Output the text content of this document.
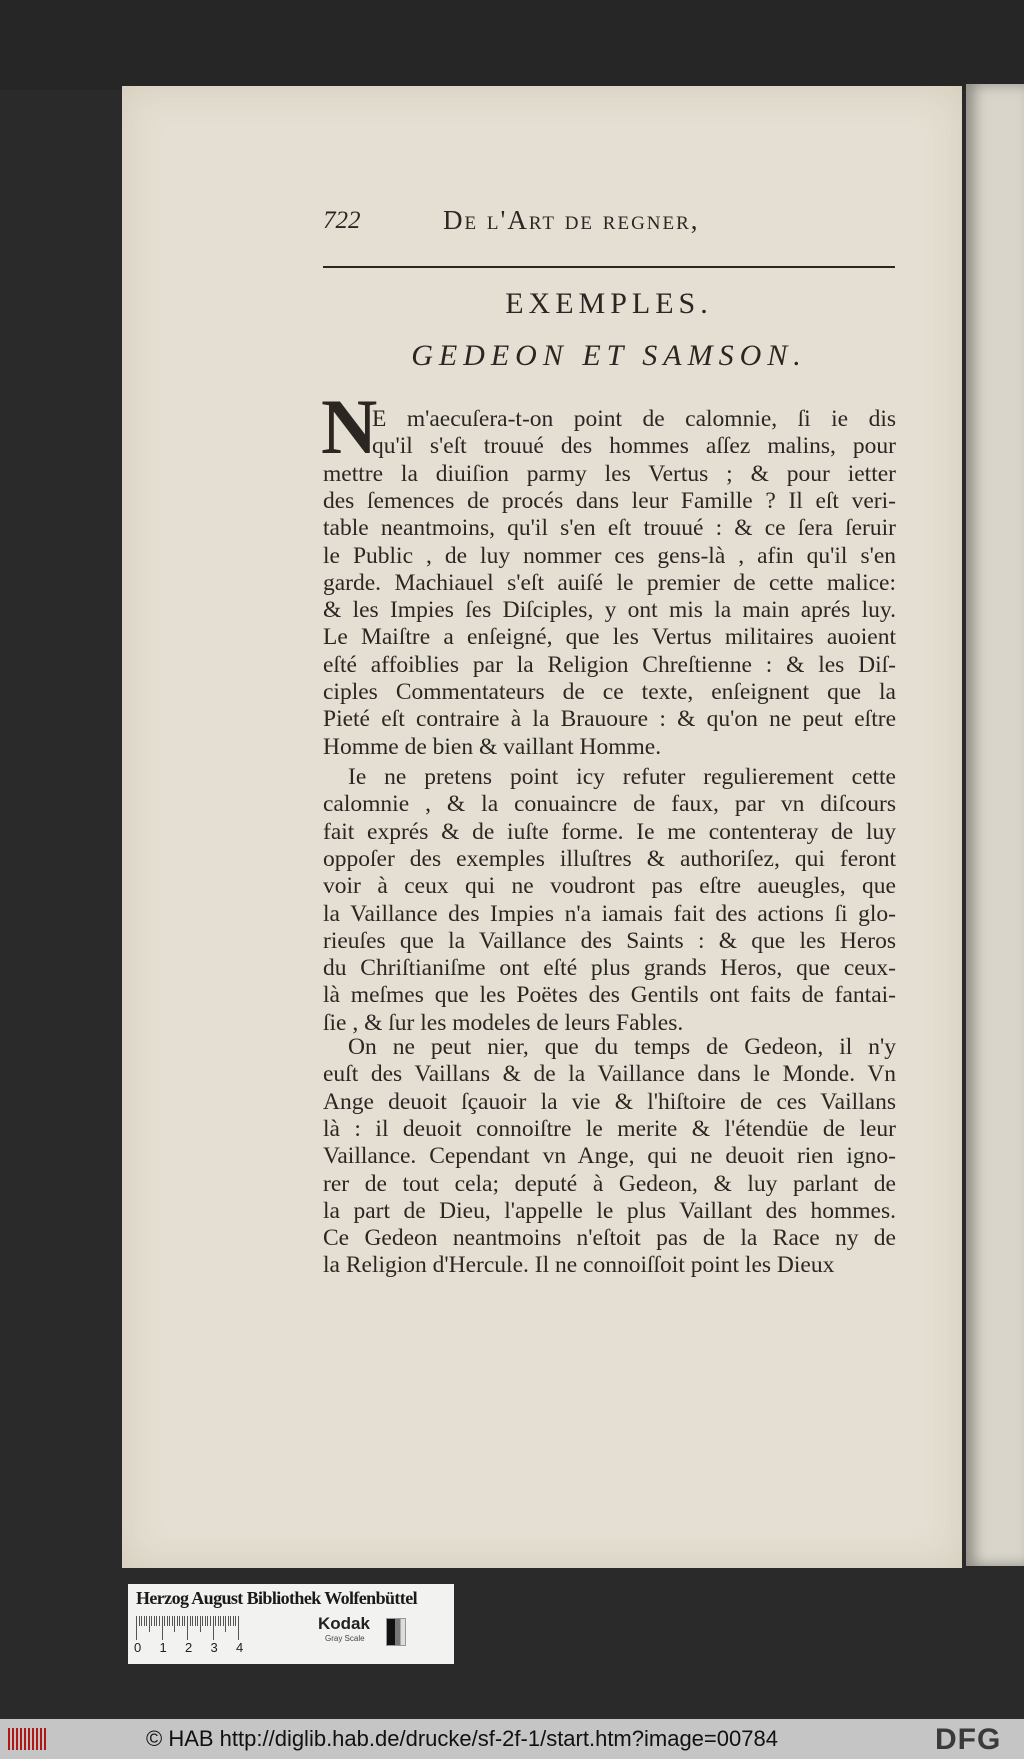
722	De l'Art de regner,
EXEMPLES.
GEDEON ET SAMSON.
N
E m'aecuſera-t-on point de calomnie, ſi ie dis
qu'il s'eſt trouué des hommes aſſez malins, pour
mettre la diuiſion parmy les Vertus ; & pour ietter
des ſemences de procés dans leur Famille ? Il eſt veri-
table neantmoins, qu'il s'en eſt trouué : & ce ſera ſeruir
le Public , de luy nommer ces gens-là , afin qu'il s'en
garde. Machiauel s'eſt auiſé le premier de cette malice:
& les Impies ſes Diſciples, y ont mis la main aprés luy.
Le Maiſtre a enſeigné, que les Vertus militaires auoient
eſté affoiblies par la Religion Chreſtienne : & les Diſ-
ciples Commentateurs de ce texte, enſeignent que la
Pieté eſt contraire à la Brauoure : & qu'on ne peut eſtre
Homme de bien & vaillant Homme.
Ie ne pretens point icy refuter regulierement cette
calomnie , & la conuaincre de faux, par vn diſcours
fait exprés & de iuſte forme. Ie me contenteray de luy
oppoſer des exemples illuſtres & authoriſez, qui feront
voir à ceux qui ne voudront pas eſtre aueugles, que
la Vaillance des Impies n'a iamais fait des actions ſi glo-
rieuſes que la Vaillance des Saints : & que les Heros
du Chriſtianiſme ont eſté plus grands Heros, que ceux-
là meſmes que les Poëtes des Gentils ont faits de fantai-
ſie , & ſur les modeles de leurs Fables.
On ne peut nier, que du temps de Gedeon, il n'y
euſt des Vaillans & de la Vaillance dans le Monde. Vn
Ange deuoit ſçauoir la vie & l'hiſtoire de ces Vaillans
là : il deuoit connoiſtre le merite & l'étendüe de leur
Vaillance. Cependant vn Ange, qui ne deuoit rien igno-
rer de tout cela; deputé à Gedeon, & luy parlant de
la part de Dieu, l'appelle le plus Vaillant des hommes.
Ce Gedeon neantmoins n'eſtoit pas de la Race ny de
la Religion d'Hercule. Il ne connoiſſoit point les Dieux
Herzog August Bibliothek Wolfenbüttel
Kodak
Gray Scale
0 1 2 3 4
© HAB http://diglib.hab.de/drucke/sf-2f-1/start.htm?image=00784	DFG
